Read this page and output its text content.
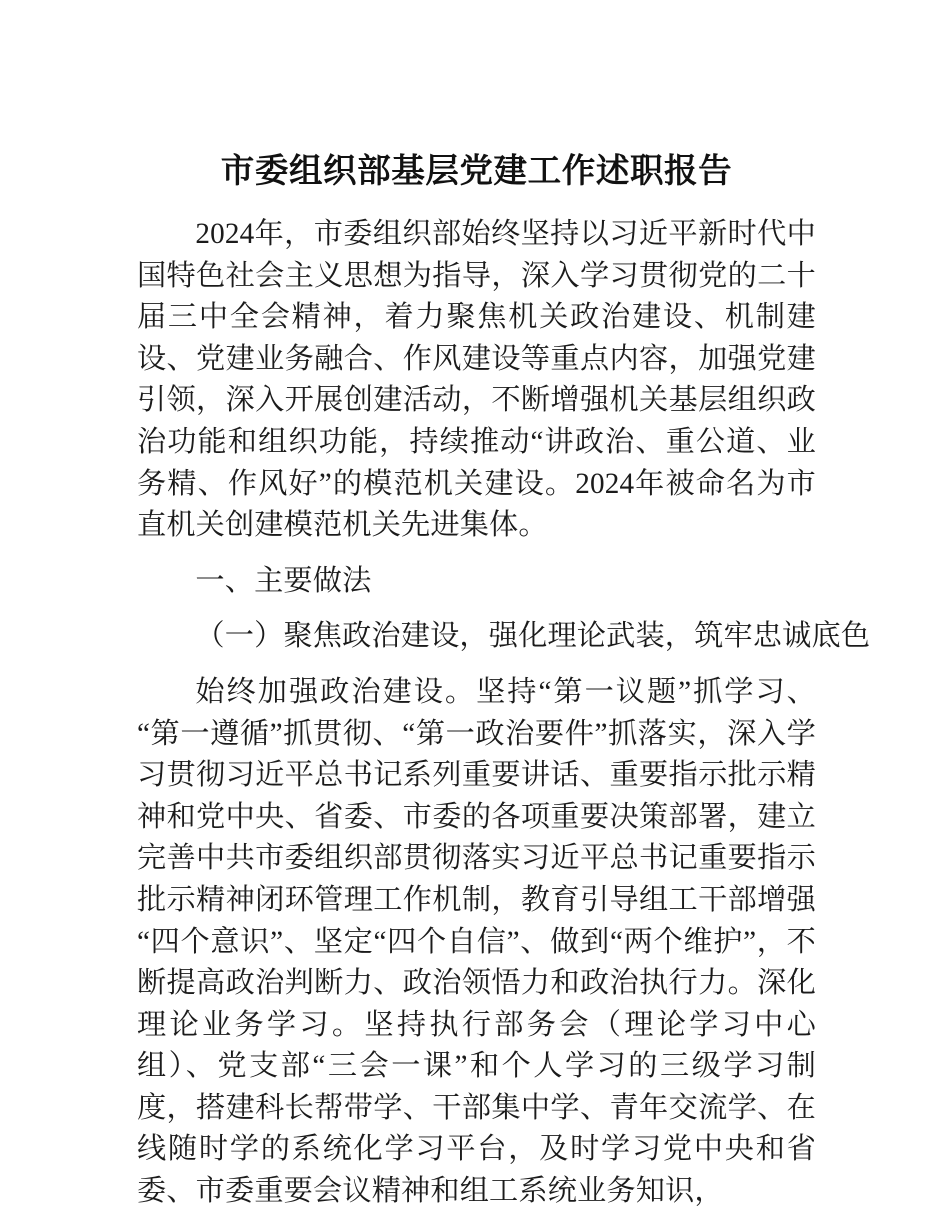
市委组织部基层党建工作述职报告

2024年，市委组织部始终坚持以习近平新时代中国特色社会主义思想为指导，深入学习贯彻党的二十届三中全会精神，着力聚焦机关政治建设、机制建设、党建业务融合、作风建设等重点内容，加强党建引领，深入开展创建活动，不断增强机关基层组织政治功能和组织功能，持续推动“讲政治、重公道、业务精、作风好”的模范机关建设。2024年被命名为市直机关创建模范机关先进集体。

一、主要做法

（一）聚焦政治建设，强化理论武装，筑牢忠诚底色

始终加强政治建设。坚持“第一议题”抓学习、“第一遵循”抓贯彻、“第一政治要件”抓落实，深入学习贯彻习近平总书记系列重要讲话、重要指示批示精神和党中央、省委、市委的各项重要决策部署，建立完善中共市委组织部贯彻落实习近平总书记重要指示批示精神闭环管理工作机制，教育引导组工干部增强“四个意识”、坚定“四个自信”、做到“两个维护”，不断提高政治判断力、政治领悟力和政治执行力。深化理论业务学习。坚持执行部务会（理论学习中心组）、党支部“三会一课”和个人学习的三级学习制度，搭建科长帮带学、干部集中学、青年交流学、在线随时学的系统化学习平台，及时学习党中央和省委、市委重要会议精神和组工系统业务知识，
